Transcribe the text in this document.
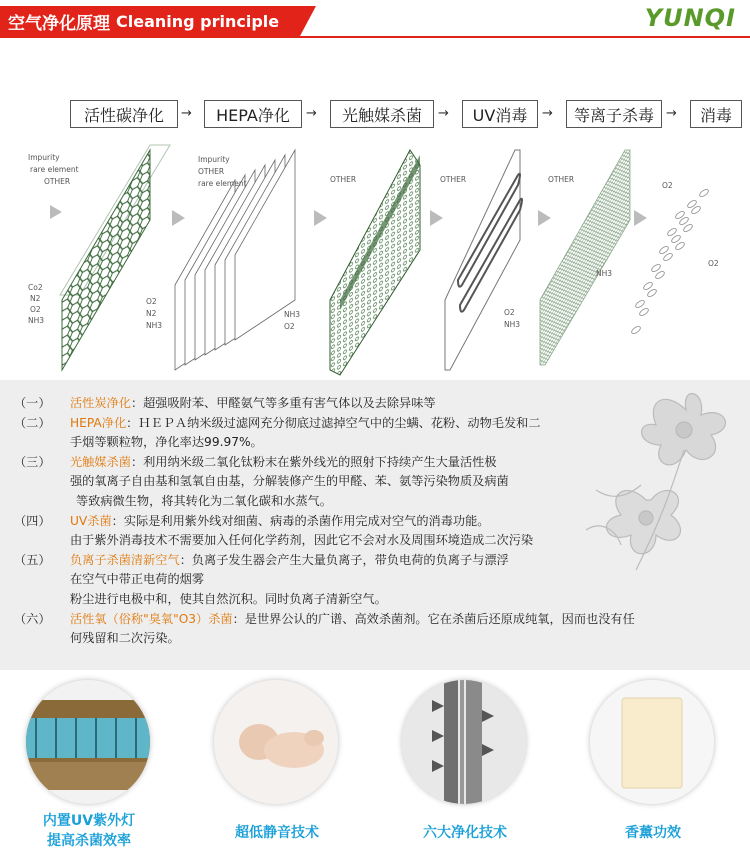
空气净化原理 Cleaning principle	YUNQI
活性碳净化	→	HEPA净化	→	光触媒杀菌	→	UV消毒	→	等离子杀毒 →	消毒
Impurity
rare element
OTHER
Co2
N2
O2
NH3
Impurity
OTHER
rare element
O2
N2
NH3
OTHER
NH3
O2
OTHER
O2
NH3
OTHER
NH3
O2
O2
（一）	活性炭净化：超强吸附苯、甲醛氨气等多重有害气体以及去除异味等
（二）	HEPA净化：ＨＥＰＡ纳米级过滤网充分彻底过滤掉空气中的尘螨、花粉、动物毛发和二
手烟等颗粒物，净化率达99.97%。
（三）	光触媒杀菌：利用纳米级二氧化钛粉末在紫外线光的照射下持续产生大量活性极
强的氧离子自由基和氢氧自由基，分解装修产生的甲醛、苯、氨等污染物质及病菌
等致病微生物，将其转化为二氧化碳和水蒸气。
（四）	UV杀菌：实际是利用紫外线对细菌、病毒的杀菌作用完成对空气的消毒功能。
由于紫外消毒技术不需要加入任何化学药剂，因此它不会对水及周围环境造成二次污染
（五）	负离子杀菌清新空气：负离子发生器会产生大量负离子，带负电荷的负离子与漂浮
在空气中带正电荷的烟雾
粉尘进行电极中和，使其自然沉积。同时负离子清新空气。
（六）	活性氧（俗称"臭氧"O3）杀菌：是世界公认的广谱、高效杀菌剂。它在杀菌后还原成纯氧，因而也没有任
何残留和二次污染。
内置UV紫外灯
提高杀菌效率	超低静音技术	六大净化技术	香薰功效
